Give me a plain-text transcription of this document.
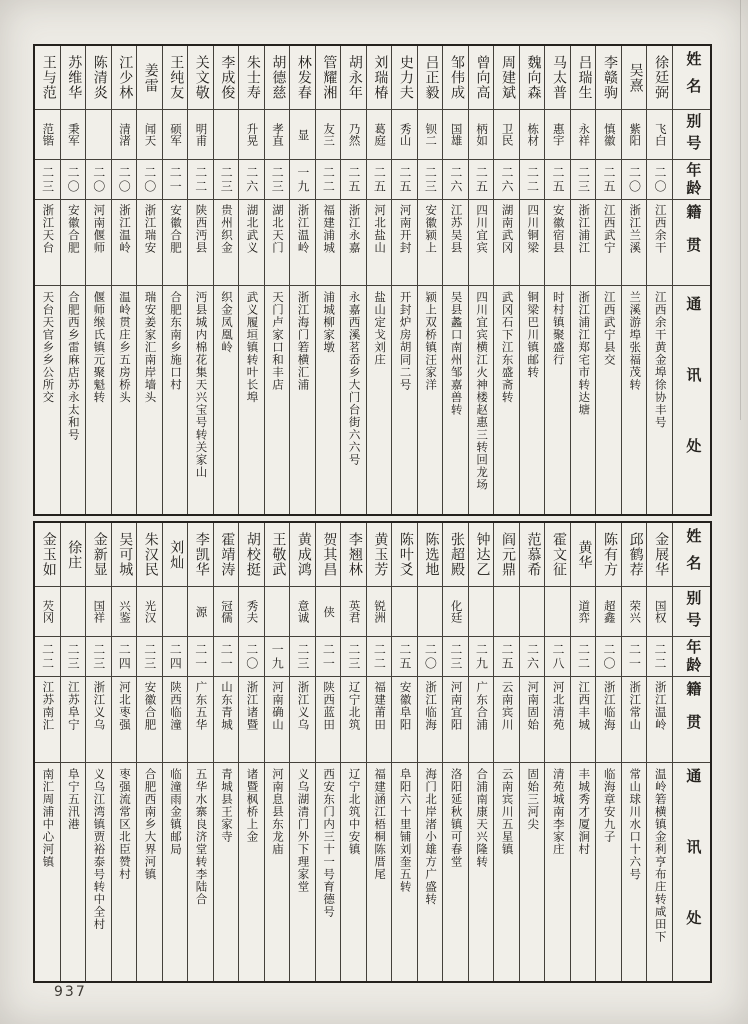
姓名
别号
年龄
籍贯
通讯处
徐廷弼
飞白
二〇
江西余干
江西余干黄金埠徐协丰号
吴熹
紫阳
二〇
浙江兰溪
兰溪游埠张福茂转
李赣驹
慎徽
二五
江西武宁
江西武宁县交
吕瑞生
永祥
二三
浙江浦江
浙江浦江郑宅市转达塘
马太普
惠宇
二五
安徽宿县
时村镇聚盛行
魏向森
栋材
二二
四川铜梁
铜梁巴川镇邮转
周建斌
卫民
二六
湖南武冈
武冈石下江东盛斋转
曾向高
柄如
二五
四川宜宾
四川宜宾横江火神楼赵惠三转回龙场
邹伟成
国雄
二六
江苏吴县
吴县蠡口南州邹嘉兽转
吕正毅
钡二
二三
安徽颍上
颍上双桥镇汪家洋
史力夫
秀山
二五
河南开封
开封炉房胡同二号
刘瑞椿
葛庭
二五
河北盐山
盐山定戈刘庄
胡永年
乃然
二五
浙江永嘉
永嘉西溪茗岙乡大门台街六六号
管耀湘
友三
二二
福建浦城
浦城柳家墩
林发春
显
一九
浙江温岭
浙江海门箬横汇浦
胡德慈
孝直
二三
湖北天门
天门卢家口和丰店
朱士寿
升晃
二六
湖北武义
武义履垣镇转叶长埠
李成俊
二三
贵州织金
织金凤凰岭
关文敬
明甫
二二
陕西沔县
沔县城内棉花集天兴宝号转关家山
王纯友
硕军
二一
安徽合肥
合肥东南乡施口村
姜雷
闻天
二〇
浙江瑞安
瑞安姜家汇南岸墙头
江少林
清渚
二〇
浙江温岭
温岭贯庄乡五房桥头
陈清炎
二〇
河南偃师
偃师缑氏镇元聚魁转
苏维华
秉军
二〇
安徽合肥
合肥西乡雷麻店苏永太和号
王与范
范锴
二三
浙江天台
天台天官乡乡公所交
姓名
别号
年龄
籍贯
通讯处
金展华
国权
二二
浙江温岭
温岭箬横镇金利亨布庄转咸田下
邱鹤荐
荣兴
二一
浙江常山
常山球川水口十六号
陈有方
超鑫
二〇
浙江临海
临海章安九子
黄华
道弈
二二
江西丰城
丰城秀才厦涧村
霍文征
二八
河北清苑
清苑城南李家庄
范慕希
二六
河南固始
固始三河尖
阎元鼎
二五
云南宾川
云南宾川五星镇
钟达乙
二九
广东合浦
合浦南康天兴隆转
张超殿
化廷
二三
河南宜阳
洛阳延秋镇可春堂
陈选地
二〇
浙江临海
海门北岸渚小雄方广盛转
陈叶爻
二五
安徽阜阳
阜阳六十里铺刘奎五转
黄玉芳
锐洲
二二
福建莆田
福建涵江梧桐陈厝尾
李翘林
英君
二三
辽宁北筑
辽宁北筑中安镇
贺其昌
侠
二一
陕西蓝田
西安东门内三十一号育德号
黄成鸿
意诚
二三
浙江义乌
义乌湖清门外下理家堂
王敬武
一九
河南确山
河南息县东龙庙
胡校挺
秀夫
二〇
浙江诸暨
诸暨枫桥上金
霍靖涛
冠儒
二一
山东青城
青城县王家寺
李凯华
源
二一
广东五华
五华水寨良济堂转李陆合
刘灿
二四
陕西临潼
临潼雨金镇邮局
朱汉民
光汉
二三
安徽合肥
合肥西南乡大界河镇
吴可城
兴鉴
二四
河北枣强
枣强流常区北臣赞村
金新显
国祥
二三
浙江义乌
义乌江湾镇贾裕泰号转中全村
徐庄
二三
江苏阜宁
阜宁五汛港
金玉如
芡冈
二二
江苏南汇
南汇周浦中心河镇
937
